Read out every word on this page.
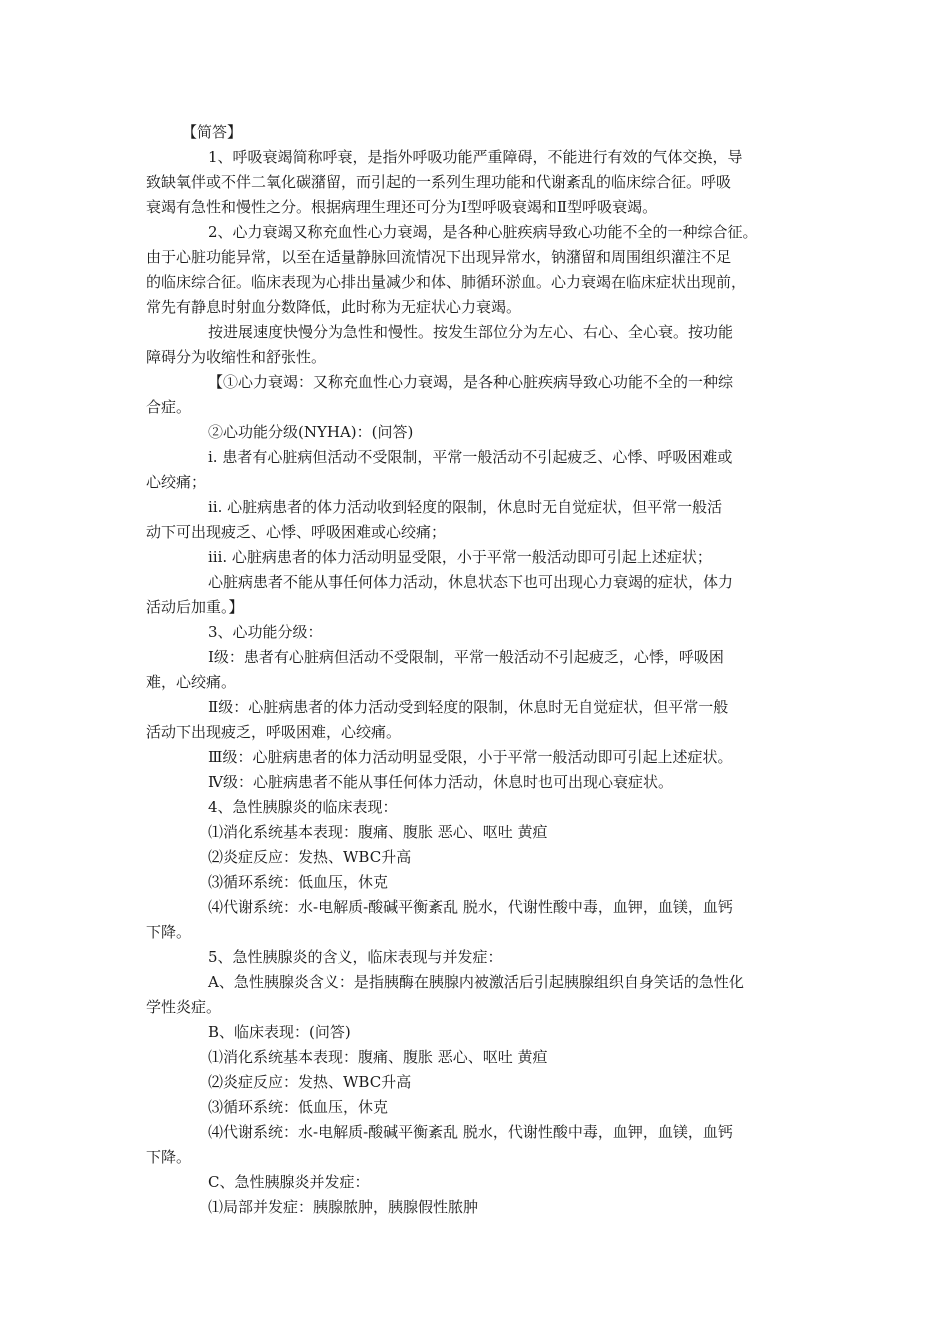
【简答】

1、呼吸衰竭简称呼衰，是指外呼吸功能严重障碍，不能进行有效的气体交换，导

致缺氧伴或不伴二氧化碳潴留，而引起的一系列生理功能和代谢紊乱的临床综合征。呼吸

衰竭有急性和慢性之分。根据病理生理还可分为Ⅰ型呼吸衰竭和Ⅱ型呼吸衰竭。

2、心力衰竭又称充血性心力衰竭，是各种心脏疾病导致心功能不全的一种综合征。

由于心脏功能异常，以至在适量静脉回流情况下出现异常水，钠潴留和周围组织灌注不足

的临床综合征。临床表现为心排出量减少和体、肺循环淤血。心力衰竭在临床症状出现前，

常先有静息时射血分数降低，此时称为无症状心力衰竭。

按进展速度快慢分为急性和慢性。按发生部位分为左心、右心、全心衰。按功能

障碍分为收缩性和舒张性。

【①心力衰竭：又称充血性心力衰竭，是各种心脏疾病导致心功能不全的一种综

合症。

②心功能分级(NYHA)：(问答)

ⅰ. 患者有心脏病但活动不受限制，平常一般活动不引起疲乏、心悸、呼吸困难或

心绞痛；

ⅱ. 心脏病患者的体力活动收到轻度的限制，休息时无自觉症状，但平常一般活

动下可出现疲乏、心悸、呼吸困难或心绞痛；

ⅲ. 心脏病患者的体力活动明显受限，小于平常一般活动即可引起上述症状；

心脏病患者不能从事任何体力活动，休息状态下也可出现心力衰竭的症状，体力

活动后加重。】

3、心功能分级：

Ⅰ级：患者有心脏病但活动不受限制，平常一般活动不引起疲乏，心悸，呼吸困

难，心绞痛。

Ⅱ级：心脏病患者的体力活动受到轻度的限制，休息时无自觉症状，但平常一般

活动下出现疲乏，呼吸困难，心绞痛。

Ⅲ级：心脏病患者的体力活动明显受限，小于平常一般活动即可引起上述症状。

Ⅳ级：心脏病患者不能从事任何体力活动，休息时也可出现心衰症状。

4、急性胰腺炎的临床表现：

⑴消化系统基本表现：腹痛、腹胀 恶心、呕吐 黄疸

⑵炎症反应：发热、WBC升高

⑶循环系统：低血压，休克

⑷代谢系统：水-电解质-酸碱平衡紊乱 脱水，代谢性酸中毒，血钾，血镁，血钙

下降。

5、急性胰腺炎的含义，临床表现与并发症：

A、急性胰腺炎含义：是指胰酶在胰腺内被激活后引起胰腺组织自身笑话的急性化

学性炎症。

B、临床表现：(问答)

⑴消化系统基本表现：腹痛、腹胀 恶心、呕吐 黄疸

⑵炎症反应：发热、WBC升高

⑶循环系统：低血压，休克

⑷代谢系统：水-电解质-酸碱平衡紊乱 脱水，代谢性酸中毒，血钾，血镁，血钙

下降。

C、急性胰腺炎并发症：

⑴局部并发症：胰腺脓肿，胰腺假性脓肿
